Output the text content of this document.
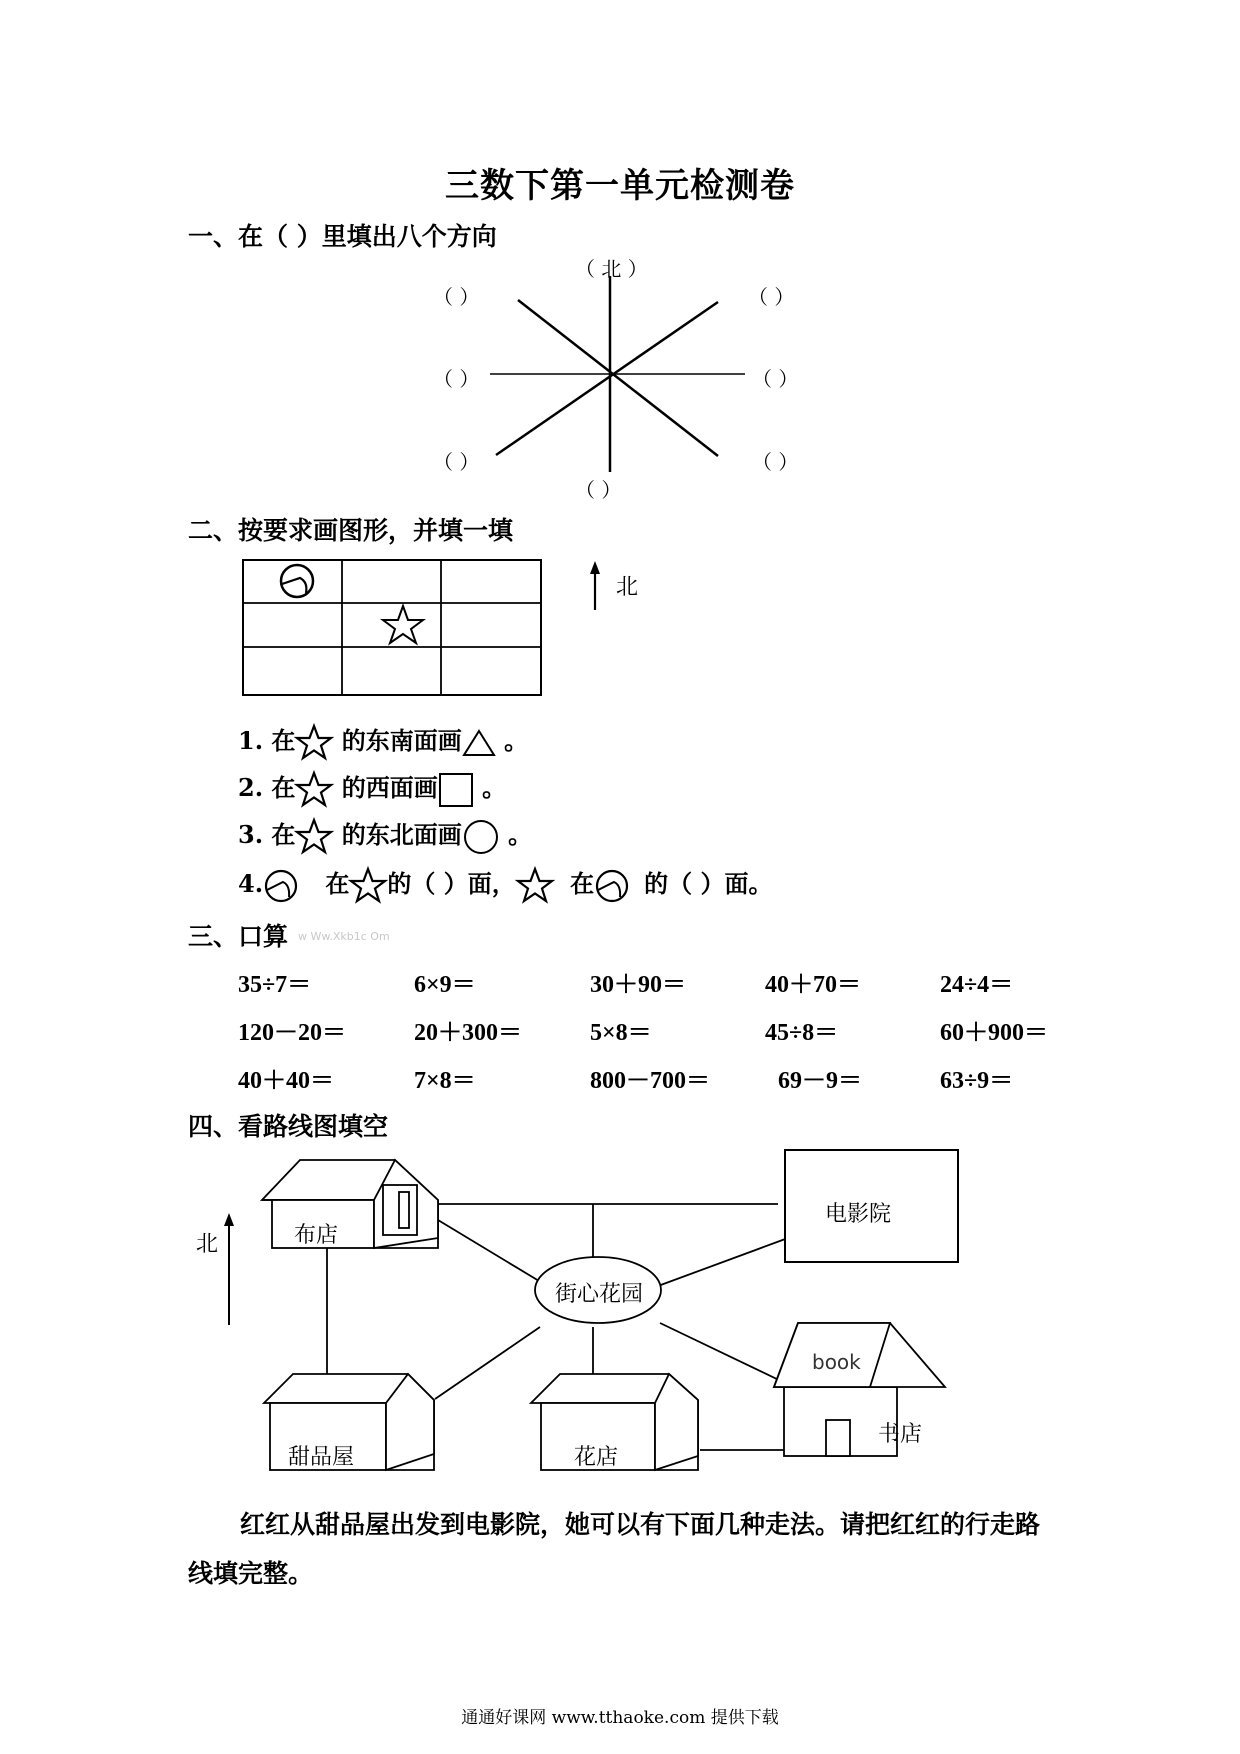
三数下第一单元检测卷
一、在（ ）里填出八个方向
（ 北 ）
（ ）	（ ）
（ ）	（ ）
（ ）	（ ）
（ ）
二、按要求画图形，并填一填
北
1. 在 的东南面画 。
2. 在 的西面画 。
3. 在 的东北面画 。
4.	在 的（ ）面， 在 的（ ）面。
三、口算 w Ww.Xkb1c Om
35÷7＝	6×9＝	30＋90＝	40＋70＝	24÷4＝
120－20＝	20＋300＝	5×8＝	45÷8＝	60＋900＝
40＋40＝	7×8＝	800－700＝	69－9＝	63÷9＝
四、看路线图填空
北	布店
电影院
街心花园
book
书店
甜品屋	花店
红红从甜品屋出发到电影院，她可以有下面几种走法。请把红红的行走路
线填完整。
通通好课网 www.tthaoke.com 提供下载
